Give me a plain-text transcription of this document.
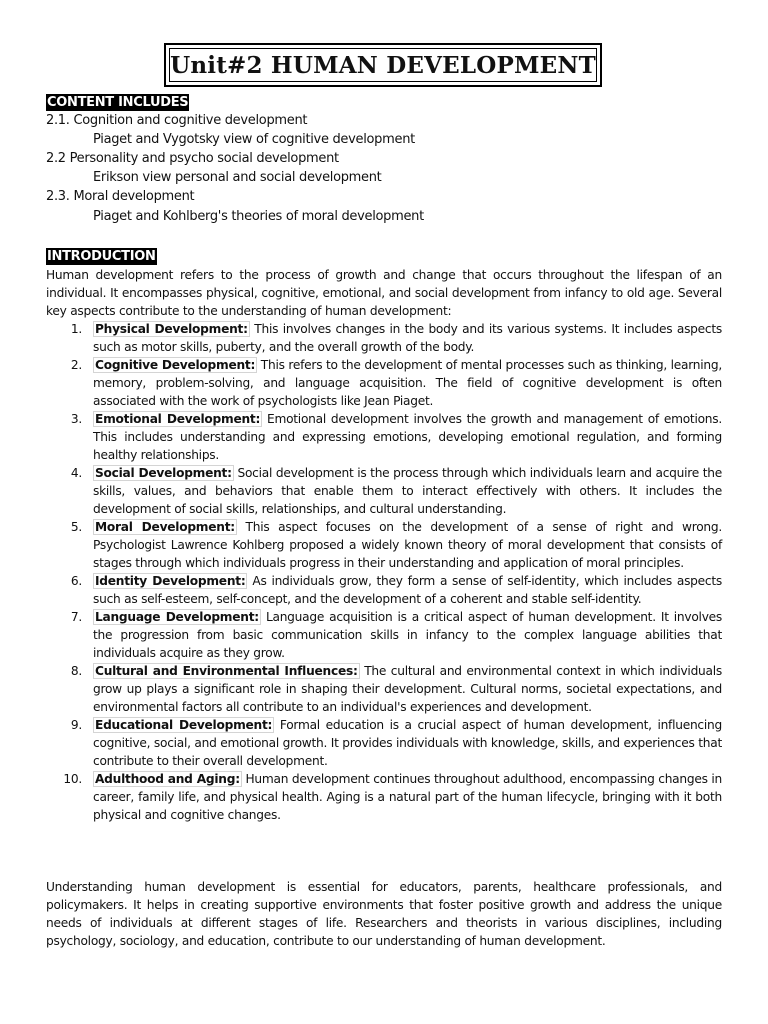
Unit#2 HUMAN DEVELOPMENT
CONTENT INCLUDES
2.1. Cognition and cognitive development
Piaget and Vygotsky view of cognitive development
2.2 Personality and psycho social development
Erikson view personal and social development
2.3. Moral development
Piaget and Kohlberg's theories of moral development
INTRODUCTION

Human development refers to the process of growth and change that occurs throughout the lifespan of an individual. It encompasses physical, cognitive, emotional, and social development from infancy to old age. Several key aspects contribute to the understanding of human development:

1. Physical Development: This involves changes in the body and its various systems. It includes aspects such as motor skills, puberty, and the overall growth of the body.
2. Cognitive Development: This refers to the development of mental processes such as thinking, learning, memory, problem-solving, and language acquisition. The field of cognitive development is often associated with the work of psychologists like Jean Piaget.
3. Emotional Development: Emotional development involves the growth and management of emotions. This includes understanding and expressing emotions, developing emotional regulation, and forming healthy relationships.
4. Social Development: Social development is the process through which individuals learn and acquire the skills, values, and behaviors that enable them to interact effectively with others. It includes the development of social skills, relationships, and cultural understanding.
5. Moral Development: This aspect focuses on the development of a sense of right and wrong. Psychologist Lawrence Kohlberg proposed a widely known theory of moral development that consists of stages through which individuals progress in their understanding and application of moral principles.
6. Identity Development: As individuals grow, they form a sense of self-identity, which includes aspects such as self-esteem, self-concept, and the development of a coherent and stable self-identity.
7. Language Development: Language acquisition is a critical aspect of human development. It involves the progression from basic communication skills in infancy to the complex language abilities that individuals acquire as they grow.
8. Cultural and Environmental Influences: The cultural and environmental context in which individuals grow up plays a significant role in shaping their development. Cultural norms, societal expectations, and environmental factors all contribute to an individual's experiences and development.
9. Educational Development: Formal education is a crucial aspect of human development, influencing cognitive, social, and emotional growth. It provides individuals with knowledge, skills, and experiences that contribute to their overall development.
10. Adulthood and Aging: Human development continues throughout adulthood, encompassing changes in career, family life, and physical health. Aging is a natural part of the human lifecycle, bringing with it both physical and cognitive changes.

Understanding human development is essential for educators, parents, healthcare professionals, and policymakers. It helps in creating supportive environments that foster positive growth and address the unique needs of individuals at different stages of life. Researchers and theorists in various disciplines, including psychology, sociology, and education, contribute to our understanding of human development.
